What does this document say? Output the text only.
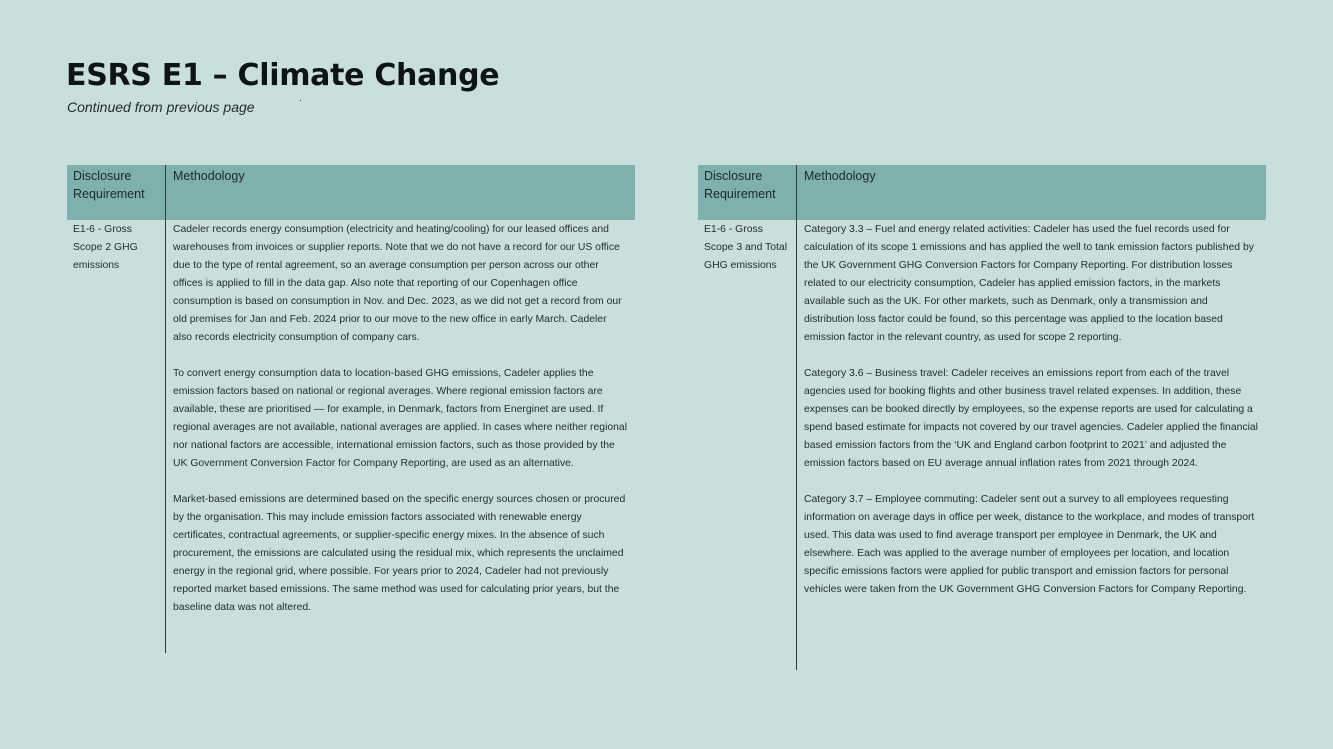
ESRS E1 – Climate Change

Continued from previous page

Disclosure Requirement
Methodology
E1-6 - Gross Scope 2 GHG emissions

Cadeler records energy consumption (electricity and heating/cooling) for our leased offices and warehouses from invoices or supplier reports. Note that we do not have a record for our US office due to the type of rental agreement, so an average consumption per person across our other offices is applied to fill in the data gap. Also note that reporting of our Copenhagen office consumption is based on consumption in Nov. and Dec. 2023, as we did not get a record from our old premises for Jan and Feb. 2024 prior to our move to the new office in early March. Cadeler also records electricity consumption of company cars.

To convert energy consumption data to location-based GHG emissions, Cadeler applies the emission factors based on national or regional averages. Where regional emission factors are available, these are prioritised — for example, in Denmark, factors from Energinet are used. If regional averages are not available, national averages are applied. In cases where neither regional nor national factors are accessible, international emission factors, such as those provided by the UK Government Conversion Factor for Company Reporting, are used as an alternative.

Market-based emissions are determined based on the specific energy sources chosen or procured by the organisation. This may include emission factors associated with renewable energy certificates, contractual agreements, or supplier-specific energy mixes. In the absence of such procurement, the emissions are calculated using the residual mix, which represents the unclaimed energy in the regional grid, where possible. For years prior to 2024, Cadeler had not previously reported market based emissions. The same method was used for calculating prior years, but the baseline data was not altered.

Disclosure Requirement
Methodology
E1-6 - Gross Scope 3 and Total GHG emissions

Category 3.3 – Fuel and energy related activities: Cadeler has used the fuel records used for calculation of its scope 1 emissions and has applied the well to tank emission factors published by the UK Government GHG Conversion Factors for Company Reporting. For distribution losses related to our electricity consumption, Cadeler has applied emission factors, in the markets available such as the UK. For other markets, such as Denmark, only a transmission and distribution loss factor could be found, so this percentage was applied to the location based emission factor in the relevant country, as used for scope 2 reporting.

Category 3.6 – Business travel: Cadeler receives an emissions report from each of the travel agencies used for booking flights and other business travel related expenses. In addition, these expenses can be booked directly by employees, so the expense reports are used for calculating a spend based estimate for impacts not covered by our travel agencies. Cadeler applied the financial based emission factors from the ‘UK and England carbon footprint to 2021’ and adjusted the emission factors based on EU average annual inflation rates from 2021 through 2024.

Category 3.7 – Employee commuting: Cadeler sent out a survey to all employees requesting information on average days in office per week, distance to the workplace, and modes of transport used. This data was used to find average transport per employee in Denmark, the UK and elsewhere. Each was applied to the average number of employees per location, and location specific emissions factors were applied for public transport and emission factors for personal vehicles were taken from the UK Government GHG Conversion Factors for Company Reporting.
